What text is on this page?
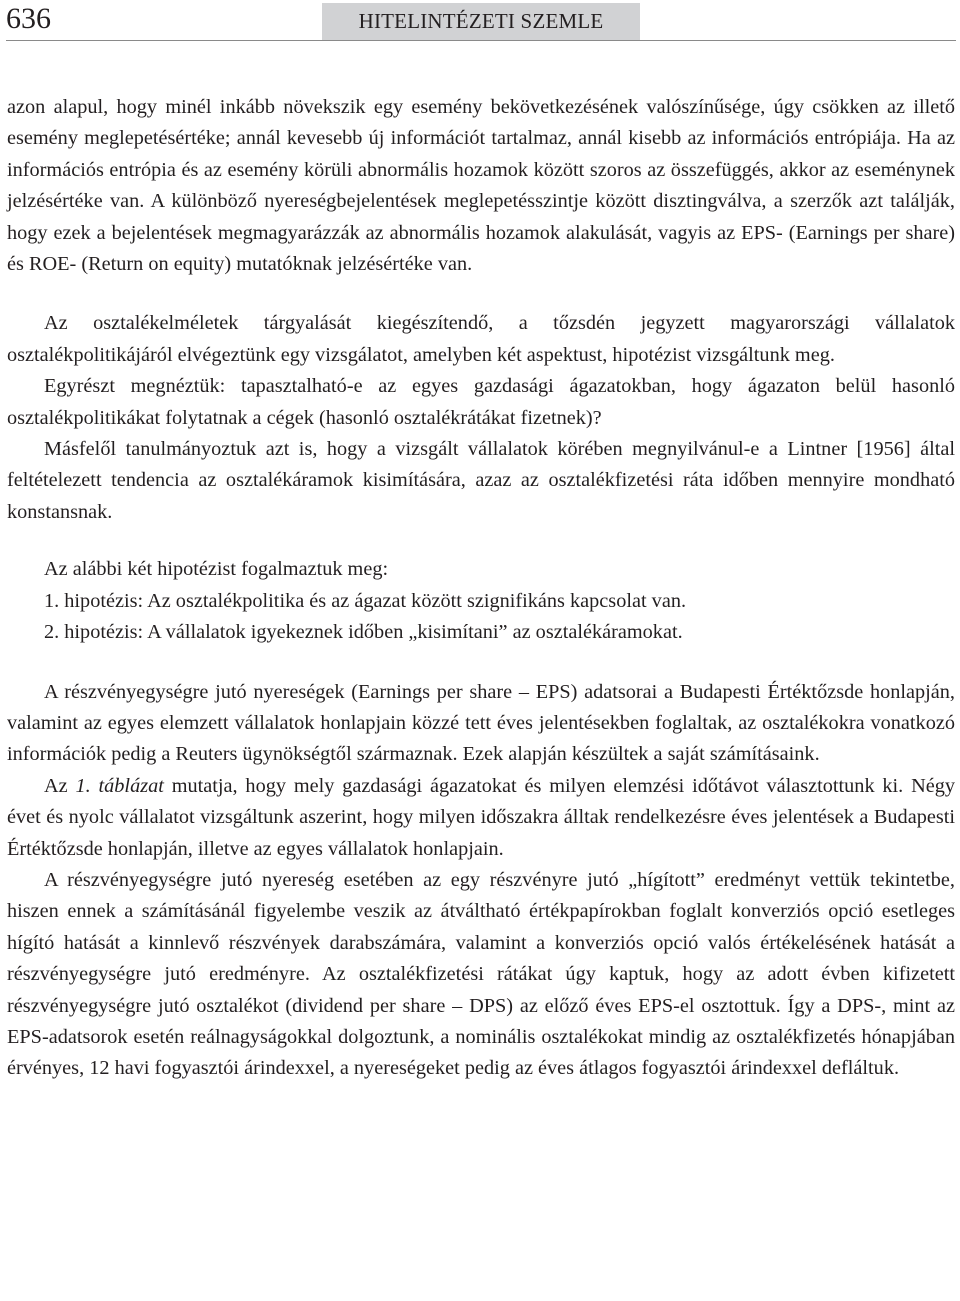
636	HITELINTÉZETI SZEMLE

azon alapul, hogy minél inkább növekszik egy esemény bekövetkezésének valószínűsége, úgy csökken az illető esemény meglepetésértéke; annál kevesebb új információt tartalmaz, annál kisebb az információs entrópiája. Ha az információs entrópia és az esemény körüli abnormális hozamok között szoros az összefüggés, akkor az eseménynek jelzésértéke van. A különböző nyereségbejelentések meglepetésszintje között disztingválva, a szerzők azt találják, hogy ezek a bejelentések megmagyarázzák az abnormális hozamok alakulását, vagyis az EPS- (Earnings per share) és ROE- (Return on equity) mutatóknak jelzésértéke van.

Az osztalékelméletek tárgyalását kiegészítendő, a tőzsdén jegyzett magyarországi vállalatok osztalékpolitikájáról elvégeztünk egy vizsgálatot, amelyben két aspektust, hipotézist vizsgáltunk meg.

Egyrészt megnéztük: tapasztalható-e az egyes gazdasági ágazatokban, hogy ágazaton belül hasonló osztalékpolitikákat folytatnak a cégek (hasonló osztalékrátákat fizetnek)?

Másfelől tanulmányoztuk azt is, hogy a vizsgált vállalatok körében megnyilvánul-e a Lintner [1956] által feltételezett tendencia az osztalékáramok kisimítására, azaz az osztalékfizetési ráta időben mennyire mondható konstansnak.

Az alábbi két hipotézist fogalmaztuk meg:

1. hipotézis: Az osztalékpolitika és az ágazat között szignifikáns kapcsolat van.
2. hipotézis: A vállalatok igyekeznek időben „kisimítani” az osztalékáramokat.

A részvényegységre jutó nyereségek (Earnings per share – EPS) adatsorai a Budapesti Értéktőzsde honlapján, valamint az egyes elemzett vállalatok honlapjain közzé tett éves jelentésekben foglaltak, az osztalékokra vonatkozó információk pedig a Reuters ügynökségtől származnak. Ezek alapján készültek a saját számításaink.

Az 1. táblázat mutatja, hogy mely gazdasági ágazatokat és milyen elemzési időtávot választottunk ki. Négy évet és nyolc vállalatot vizsgáltunk aszerint, hogy milyen időszakra álltak rendelkezésre éves jelentések a Budapesti Értéktőzsde honlapján, illetve az egyes vállalatok honlapjain.

A részvényegységre jutó nyereség esetében az egy részvényre jutó „hígított” eredményt vettük tekintetbe, hiszen ennek a számításánál figyelembe veszik az átváltható értékpapírokban foglalt konverziós opció esetleges hígító hatását a kinnlevő részvények darabszámára, valamint a konverziós opció valós értékelésének hatását a részvényegységre jutó eredményre. Az osztalékfizetési rátákat úgy kaptuk, hogy az adott évben kifizetett részvényegységre jutó osztalékot (dividend per share – DPS) az előző éves EPS-el osztottuk. Így a DPS-, mint az EPS-adatsorok esetén reálnagyságokkal dolgoztunk, a nominális osztalékokat mindig az osztalékfizetés hónapjában érvényes, 12 havi fogyasztói árindexxel, a nyereségeket pedig az éves átlagos fogyasztói árindexxel defláltuk.
